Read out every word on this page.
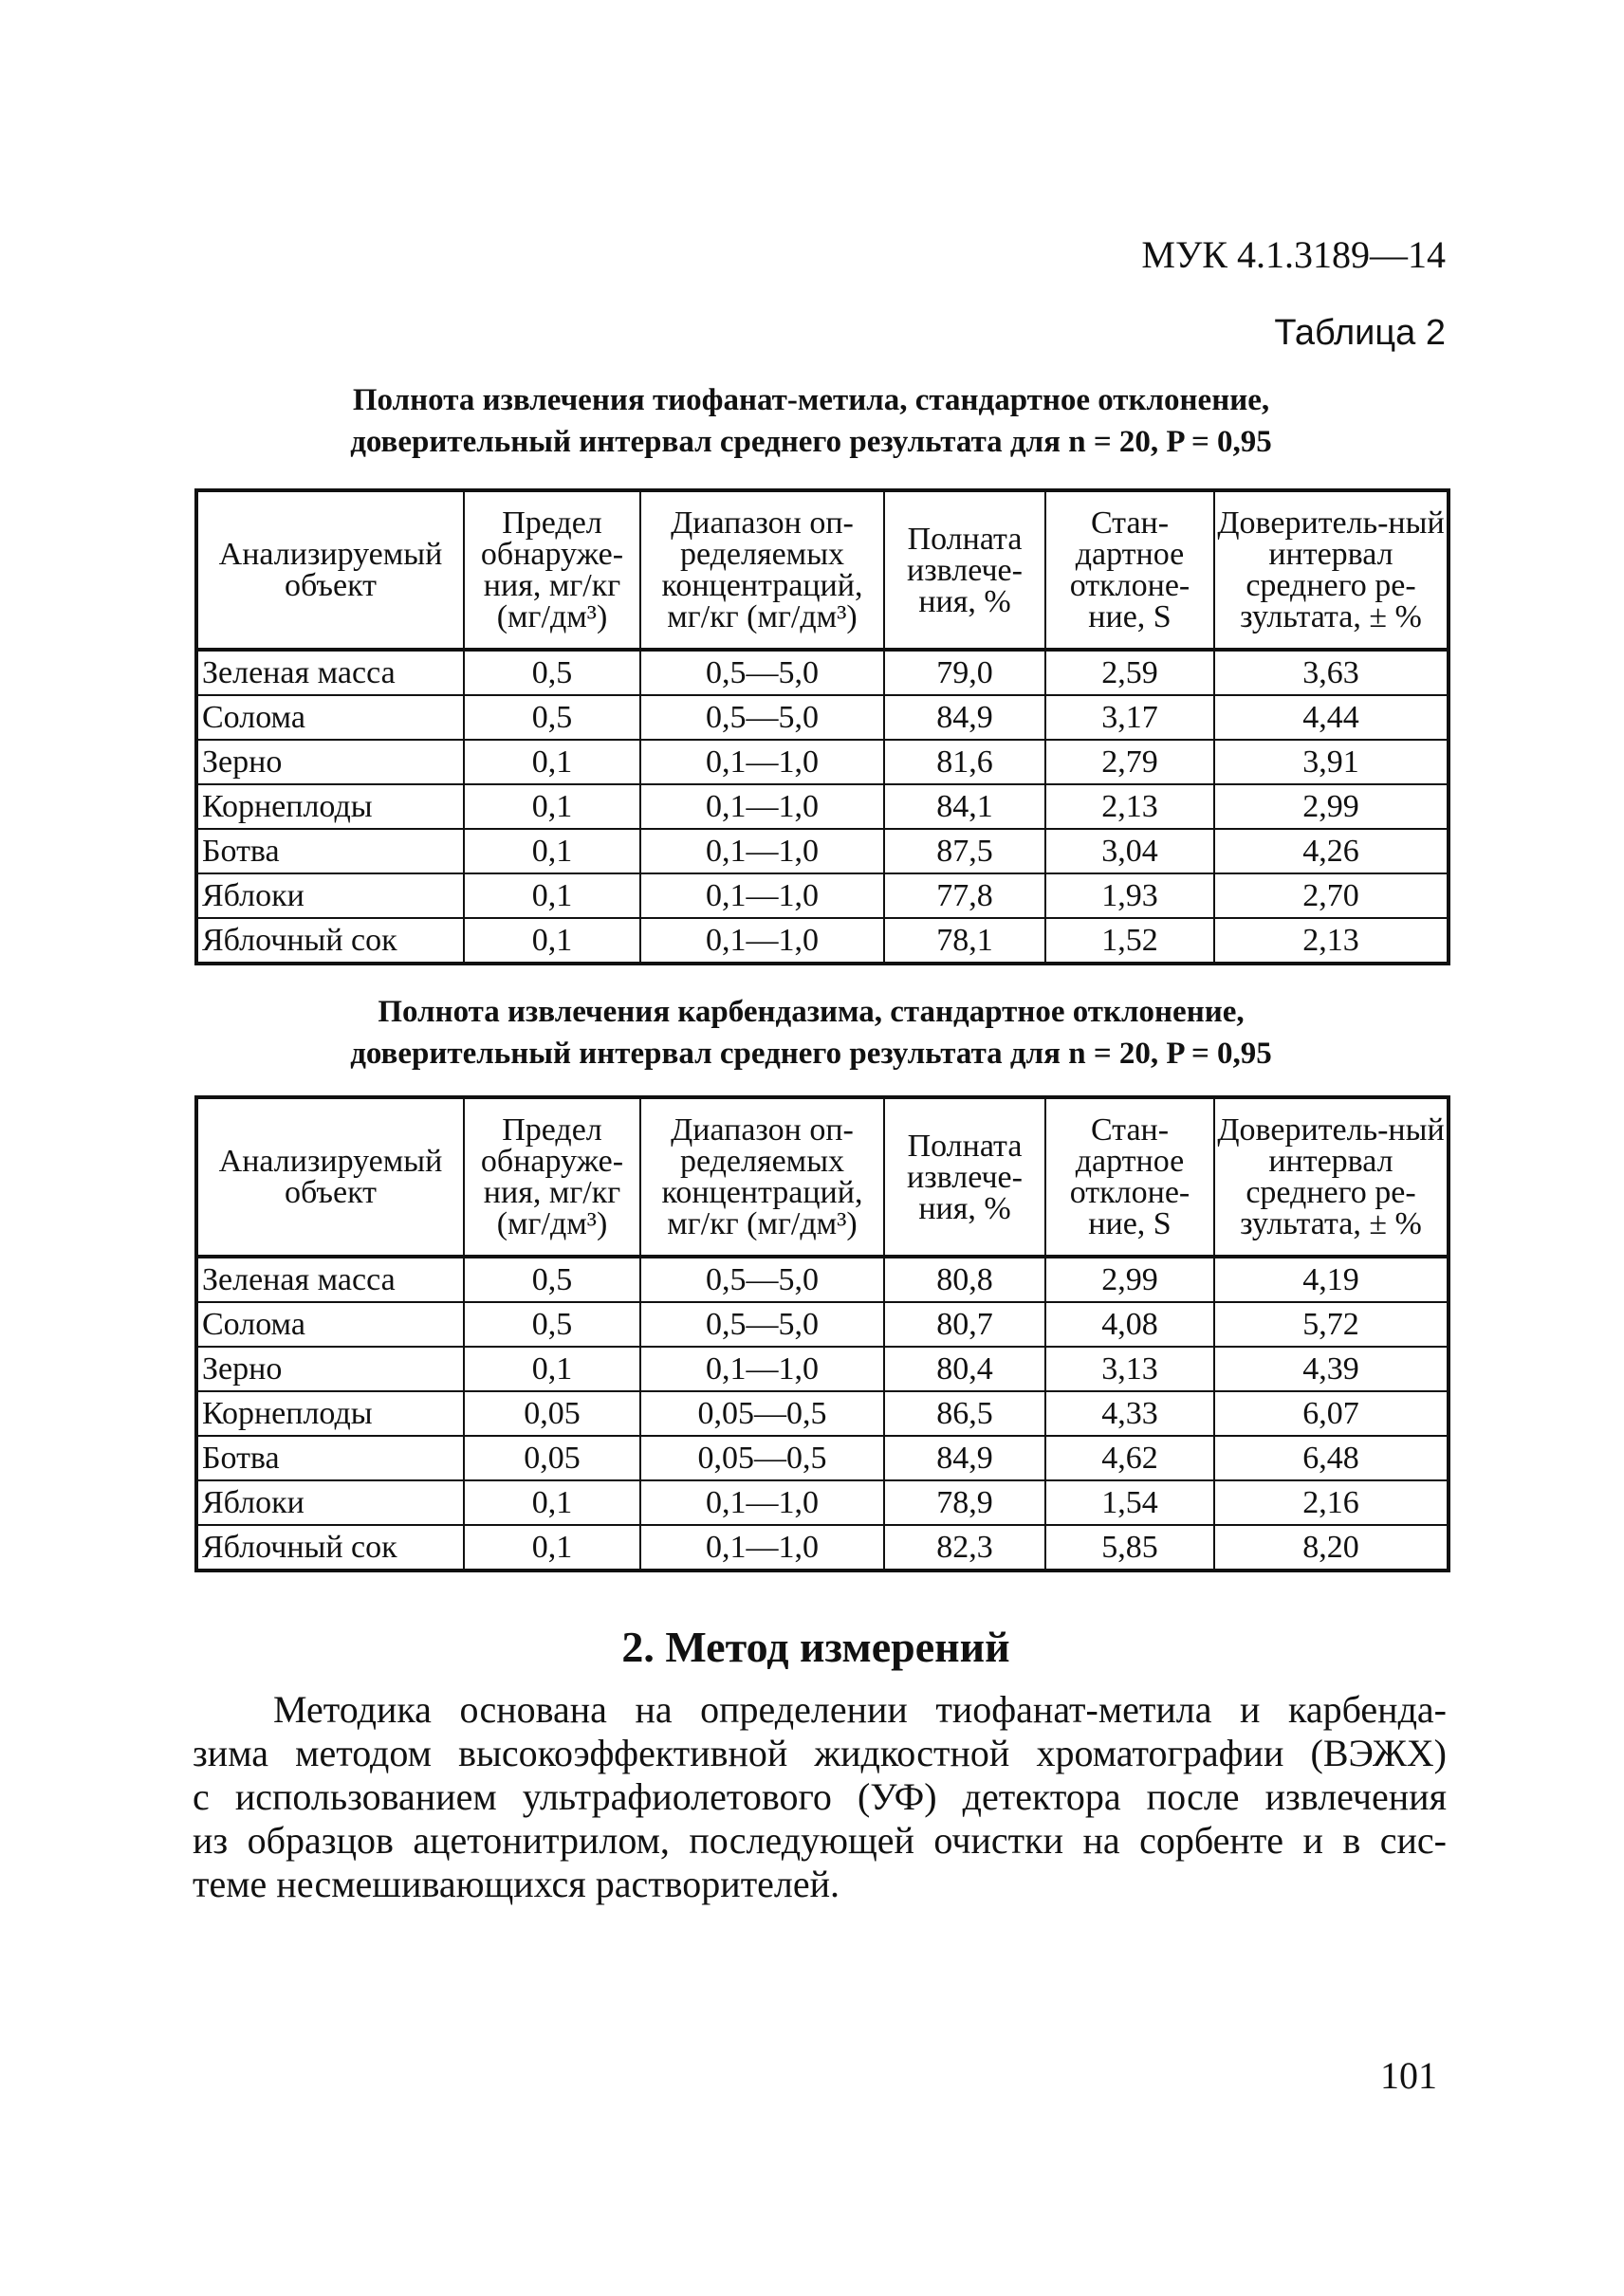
МУК 4.1.3189—14
Таблица 2

Полнота извлечения тиофанат-метила, стандартное отклонение,
доверительный интервал среднего результата для n = 20, P = 0,95

Анализируемый объект	Предел обнаруже-ния, мг/кг (мг/дм³)	Диапазон оп-ределяемых концентраций, мг/кг (мг/дм³)	Полната извлече-ния, %	Стан-дартное отклоне-ние, S	Доверитель-ный интервал среднего ре-зультата, ± %
Зеленая масса	0,5	0,5—5,0	79,0	2,59	3,63
Солома	0,5	0,5—5,0	84,9	3,17	4,44
Зерно	0,1	0,1—1,0	81,6	2,79	3,91
Корнеплоды	0,1	0,1—1,0	84,1	2,13	2,99
Ботва	0,1	0,1—1,0	87,5	3,04	4,26
Яблоки	0,1	0,1—1,0	77,8	1,93	2,70
Яблочный сок	0,1	0,1—1,0	78,1	1,52	2,13

Полнота извлечения карбендазима, стандартное отклонение,
доверительный интервал среднего результата для n = 20, P = 0,95

Анализируемый объект	Предел обнаруже-ния, мг/кг (мг/дм³)	Диапазон оп-ределяемых концентраций, мг/кг (мг/дм³)	Полната извлече-ния, %	Стан-дартное отклоне-ние, S	Доверитель-ный интервал среднего ре-зультата, ± %
Зеленая масса	0,5	0,5—5,0	80,8	2,99	4,19
Солома	0,5	0,5—5,0	80,7	4,08	5,72
Зерно	0,1	0,1—1,0	80,4	3,13	4,39
Корнеплоды	0,05	0,05—0,5	86,5	4,33	6,07
Ботва	0,05	0,05—0,5	84,9	4,62	6,48
Яблоки	0,1	0,1—1,0	78,9	1,54	2,16
Яблочный сок	0,1	0,1—1,0	82,3	5,85	8,20
2. Метод измерений

Методика основана на определении тиофанат-метила и карбенда-
зима методом высокоэффективной жидкостной хроматографии (ВЭЖХ)
с использованием ультрафиолетового (УФ) детектора после извлечения
из образцов ацетонитрилом, последующей очистки на сорбенте и в сис-
теме несмешивающихся растворителей.

101
